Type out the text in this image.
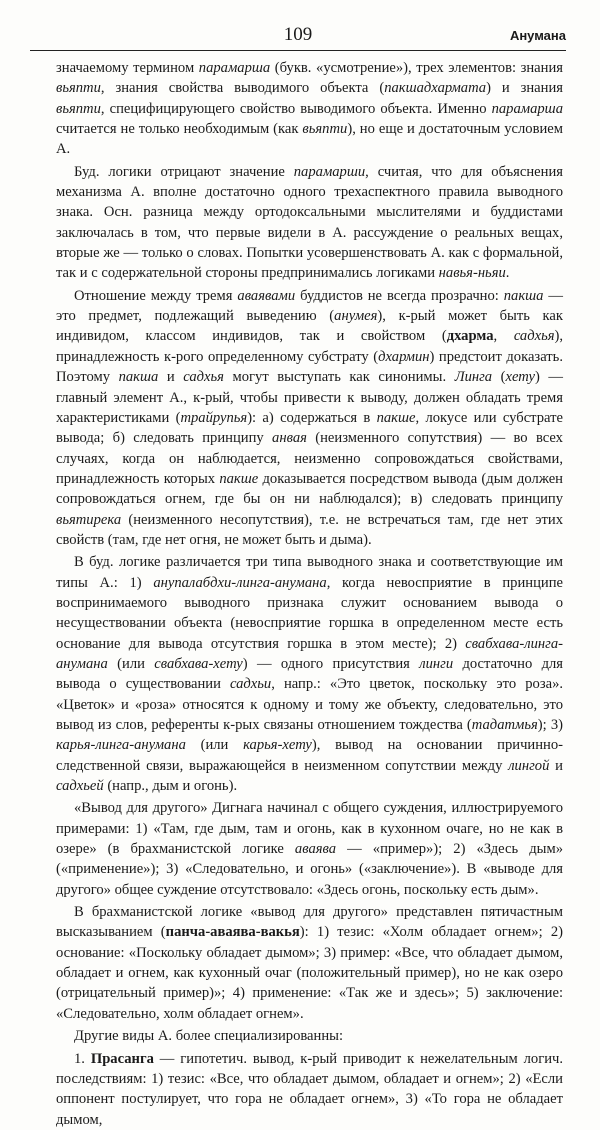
109	Анумана

значаемому термином парамарша (букв. «усмотрение»), трех элементов: знания вьяпти, знания свойства выводимого объекта (пакшадхармата) и знания вьяпти, специфицирующего свойство выводимого объекта. Именно парамарша считается не только необходимым (как вьяпти), но еще и достаточным условием А.

Буд. логики отрицают значение парамарши, считая, что для объяснения механизма А. вполне достаточно одного трехаспектного правила выводного знака. Осн. разница между ортодоксальными мыслителями и буддистами заключалась в том, что первые видели в А. рассуждение о реальных вещах, вторые же — только о словах. Попытки усовершенствовать А. как с формальной, так и с содержательной стороны предпринимались логиками навья-ньяи.

Отношение между тремя аваявами буддистов не всегда прозрачно: пакша — это предмет, подлежащий выведению (анумея), к-рый может быть как индивидом, классом индивидов, так и свойством (дхарма, садхья), принадлежность к-рого определенному субстрату (дхармин) предстоит доказать. Поэтому пакша и садхья могут выступать как синонимы. Линга (хету) — главный элемент А., к-рый, чтобы привести к выводу, должен обладать тремя характеристиками (трайрупья): а) содержаться в пакше, локусе или субстрате вывода; б) следовать принципу анвая (неизменного сопутствия) — во всех случаях, когда он наблюдается, неизменно сопровождаться свойствами, принадлежность которых пакше доказывается посредством вывода (дым должен сопровождаться огнем, где бы он ни наблюдался); в) следовать принципу вьятирека (неизменного несопутствия), т.е. не встречаться там, где нет этих свойств (там, где нет огня, не может быть и дыма).

В буд. логике различается три типа выводного знака и соответствующие им типы А.: 1) анупалабдхи-линга-анумана, когда невосприятие в принципе воспринимаемого выводного признака служит основанием вывода о несуществовании объекта (невосприятие горшка в определенном месте есть основание для вывода отсутствия горшка в этом месте); 2) свабхава-линга-анумана (или свабхава-хету) — одного присутствия линги достаточно для вывода о существовании садхьи, напр.: «Это цветок, поскольку это роза». «Цветок» и «роза» относятся к одному и тому же объекту, следовательно, это вывод из слов, референты к-рых связаны отношением тождества (тадатмья); 3) карья-линга-анумана (или карья-хету), вывод на основании причинно-следственной связи, выражающейся в неизменном сопутствии между лингой и садхьей (напр., дым и огонь).

«Вывод для другого» Дигнага начинал с общего суждения, иллюстрируемого примерами: 1) «Там, где дым, там и огонь, как в кухонном очаге, но не как в озере» (в брахманистской логике аваява — «пример»); 2) «Здесь дым» («применение»); 3) «Следовательно, и огонь» («заключение»). В «выводе для другого» общее суждение отсутствовало: «Здесь огонь, поскольку есть дым».

В брахманистской логике «вывод для другого» представлен пятичастным высказыванием (панча-аваява-вакья): 1) тезис: «Холм обладает огнем»; 2) основание: «Поскольку обладает дымом»; 3) пример: «Все, что обладает дымом, обладает и огнем, как кухонный очаг (положительный пример), но не как озеро (отрицательный пример)»; 4) применение: «Так же и здесь»; 5) заключение: «Следовательно, холм обладает огнем».

Другие виды А. более специализированны:

1. Прасанга — гипотетич. вывод, к-рый приводит к нежелательным логич. последствиям: 1) тезис: «Все, что обладает дымом, обладает и огнем»; 2) «Если оппонент постулирует, что гора не обладает огнем», 3) «То гора не обладает дымом,
